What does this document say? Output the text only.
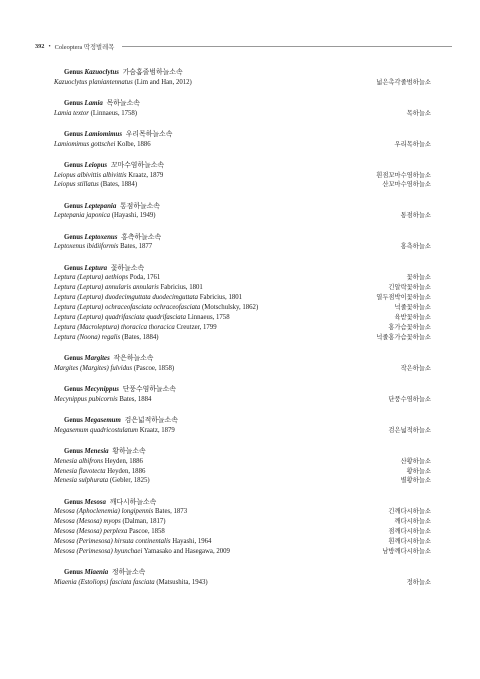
392 • Coleoptera 딱정벌레목
Genus Kazuoclytus 가슴홈줄범하늘소속
Kazuoclytus planiantennatus (Lim and Han, 2012)	넓은촉각줄범하늘소
Genus Lamia 목하늘소속
Lamia textor (Linnaeus, 1758)	목하늘소
Genus Lamiomimus 우리목하늘소속
Lamiomimus gottschei Kolbe, 1886	우리목하늘소
Genus Leiopus 꼬마수염하늘소속
Leiopus albivittis albivittis Kraatz, 1879	흰점꼬마수염하늘소
Leiopus stillatus (Bates, 1884)	산꼬마수염하늘소
Genus Leptepania 통점하늘소속
Leptepania japonica (Hayashi, 1949)	통점하늘소
Genus Leptoxenus 홍측하늘소속
Leptoxenus ibidiiformis Bates, 1877	홍측하늘소
Genus Leptura 꽃하늘소속
Leptura (Leptura) aethiops Poda, 1761	꽃하늘소
Leptura (Leptura) annularis annularis Fabricius, 1801	긴알락꽃하늘소
Leptura (Leptura) duodecimguttata duodecimguttata Fabricius, 1801	열두점박이꽃하늘소
Leptura (Leptura) ochraceofasciata ochraceofasciata (Motschulsky, 1862)	넉줄꽃하늘소
Leptura (Leptura) quadrifasciata quadrifasciata Linnaeus, 1758	육받꽃하늘소
Leptura (Macroleptura) thoracica thoracica Creutzer, 1799	홍가슴꽃하늘소
Leptura (Noona) regalis (Bates, 1884)	넉줄홍가슴꽃하늘소
Genus Margites 작은하늘소속
Margites (Margites) fulvidus (Pascoe, 1858)	작은하늘소
Genus Mecynippus 단풍수염하늘소속
Mecynippus pubicornis Bates, 1884	단풍수염하늘소
Genus Megasemum 검은넓적하늘소속
Megasemum quadricostulatum Kraatz, 1879	검은넓적하늘소
Genus Menesia 황하늘소속
Menesia albifrons Heyden, 1886	산황하늘소
Menesia flavotecta Heyden, 1886	황하늘소
Menesia sulphurata (Gebler, 1825)	별황하늘소
Genus Mesosa 깨다시하늘소속
Mesosa (Aphoclenemia) longipennis Bates, 1873	긴깨다시하늘소
Mesosa (Mesosa) myops (Dalman, 1817)	깨다시하늘소
Mesosa (Mesosa) perplexa Pascoe, 1858	점깨다시하늘소
Mesosa (Perimesosa) hirsuta continentalis Hayashi, 1964	흰깨다시하늘소
Mesosa (Perimesosa) hyunchaei Yamasako and Hasegawa, 2009	남방깨다시하늘소
Genus Miaenia 정하늘소속
Miaenia (Estoliops) fasciata fasciata (Matsushita, 1943)	정하늘소
